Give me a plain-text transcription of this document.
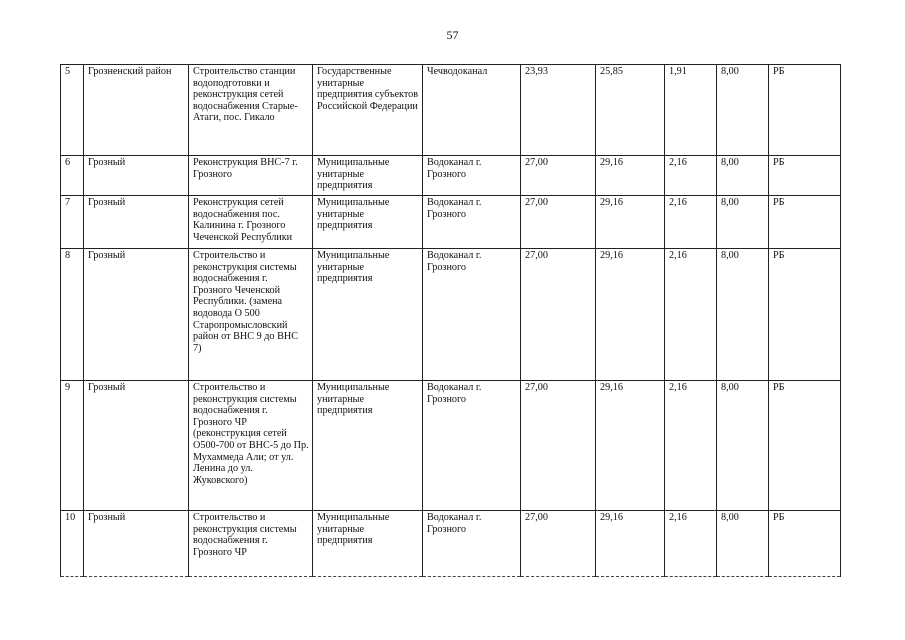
57
5	Грозненский район	Строительство станции водоподготовки и реконструкция сетей водоснабжения Старые-Атаги, пос. Гикало	Государственные унитарные предприятия субъектов Российской Федерации	Чечводоканал	23,93	25,85	1,91	8,00	РБ
6	Грозный	Реконструкция ВНС-7 г. Грозного	Муниципальные унитарные предприятия	Водоканал г. Грозного	27,00	29,16	2,16	8,00	РБ
7	Грозный	Реконструкция сетей водоснабжения пос. Калинина г. Грозного Чеченской Республики	Муниципальные унитарные предприятия	Водоканал г. Грозного	27,00	29,16	2,16	8,00	РБ
8	Грозный	Строительство и реконструкция системы водоснабжения г. Грозного Чеченской Республики. (замена водовода О 500 Старопромысловский район от ВНС 9 до ВНС 7)	Муниципальные унитарные предприятия	Водоканал г. Грозного	27,00	29,16	2,16	8,00	РБ
9	Грозный	Строительство и реконструкция системы водоснабжения г. Грозного ЧР (реконструкция сетей О500-700 от ВНС-5 до Пр. Мухаммеда Али; от ул. Ленина до ул. Жуковского)	Муниципальные унитарные предприятия	Водоканал г. Грозного	27,00	29,16	2,16	8,00	РБ
10	Грозный	Строительство и реконструкция системы водоснабжения г. Грозного ЧР	Муниципальные унитарные предприятия	Водоканал г. Грозного	27,00	29,16	2,16	8,00	РБ
